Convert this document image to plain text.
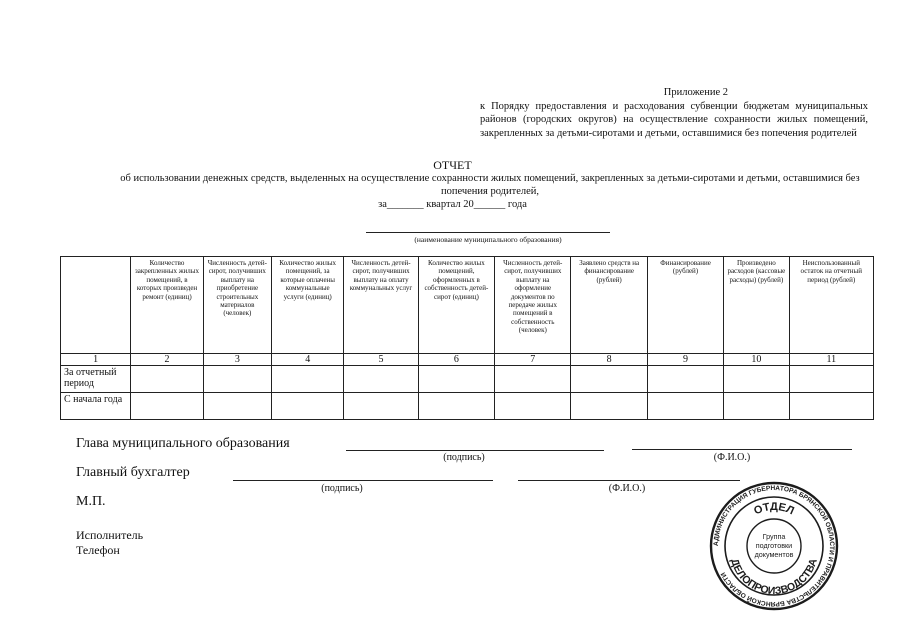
Приложение 2
к Порядку предоставления и расходования субвенции бюджетам муниципальных районов (городских округов) на осуществление сохранности жилых помещений, закрепленных за детьми-сиротами и детьми, оставшимися без попечения родителей
ОТЧЕТ
об использовании денежных средств, выделенных на осуществление сохранности жилых помещений, закрепленных за детьми-сиротами и детьми, оставшимися без попечения родителей,
за_______ квартал 20______ года
(наименование муниципального образования)
	Количество закрепленных жилых помещений, в которых произведен ремонт (единиц)	Численность детей-сирот, получивших выплату на приобретение строительных материалов (человек)	Количество жилых помещений, за которые оплачены коммунальные услуги (единиц)	Численность детей-сирот, получивших выплату на оплату коммунальных услуг	Количество жилых помещений, оформленных в собственность детей-сирот (единиц)	Численность детей-сирот, получивших выплату на оформление документов по передаче жилых помещений в собственность (человек)	Заявлено средств на финансирование (рублей)	Финансирование (рублей)	Произведено расходов (кассовые расходы) (рублей)	Неиспользованный остаток на отчетный период (рублей)
1	2	3	4	5	6	7	8	9	10	11
За отчетный период										
С начала года										
Глава муниципального образования
(подпись)	(Ф.И.О.)
Главный бухгалтер
(подпись)	(Ф.И.О.)
М.П.
Исполнитель
Телефон	АДМИНИСТРАЦИЯ ГУБЕРНАТОРА БРЯНСКОЙ ОБЛАСТИ И ПРАВИТЕЛЬСТВА БРЯНСКОЙ ОБЛАСТИ
ОТДЕЛ
ДЕЛОПРОИЗВОДСТВА
Группа
подготовки
документов
